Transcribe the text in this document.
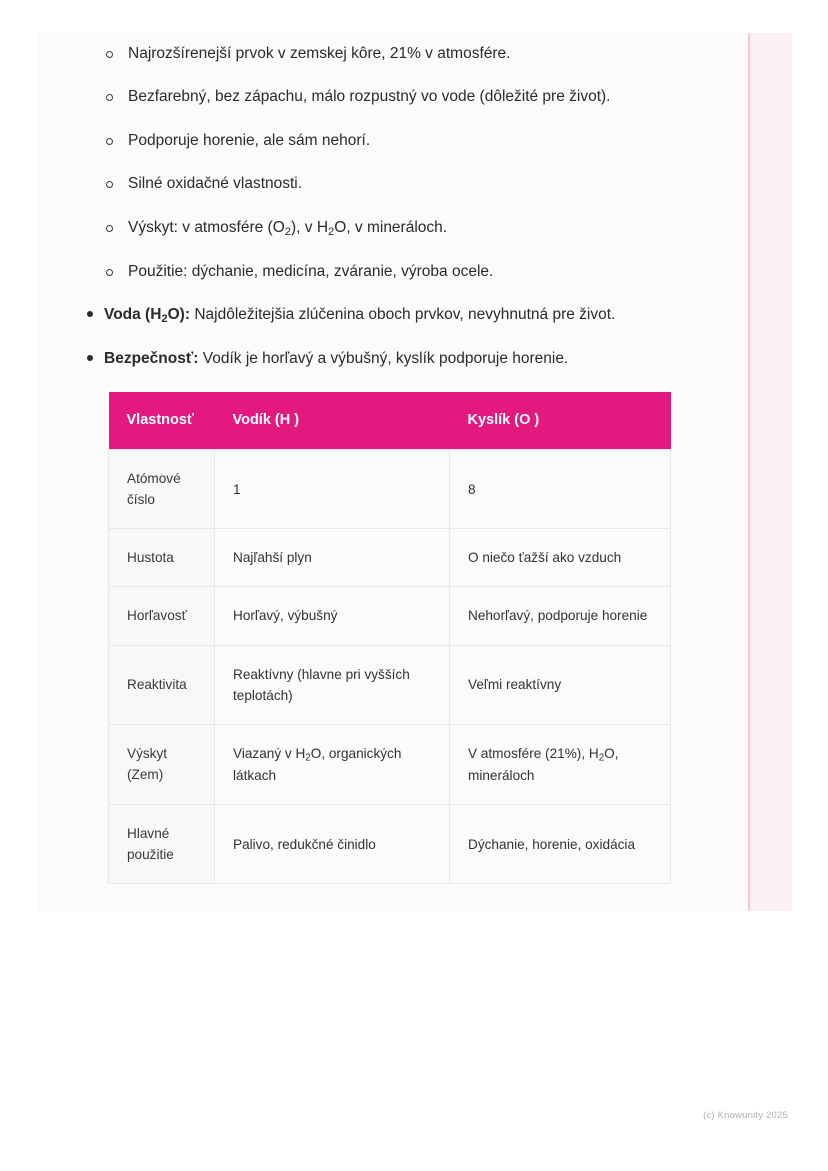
Najrozšírenejší prvok v zemskej kôre, 21% v atmosfére.
Bezfarebný, bez zápachu, málo rozpustný vo vode (dôležité pre život).
Podporuje horenie, ale sám nehorí.
Silné oxidačné vlastnosti.
Výskyt: v atmosfére $(O_2)$, v $H_2O$, v mineráloch.
Použitie: dýchanie, medicína, zváranie, výroba ocele.
Voda $(H_2O)$: Najdôležitejšia zlúčenina oboch prvkov, nevyhnutná pre život.
Bezpečnosť: Vodík je horľavý a výbušný, kyslík podporuje horenie.
Vlastnosť	Vodík (H )	Kyslík (O )
Atómové číslo	1	8
Hustota	Najľahší plyn	O niečo ťažší ako vzduch
Horľavosť	Horľavý, výbušný	Nehorľavý, podporuje horenie
Reaktivita	Reaktívny (hlavne pri vyšších teplotách)	Veľmi reaktívny
Výskyt (Zem)	Viazaný v $H_2O$, organických látkach	V atmosfére (21%), $H_2O$, mineráloch
Hlavné použitie	Palivo, redukčné činidlo	Dýchanie, horenie, oxidácia
(c) Knowunity 2025
